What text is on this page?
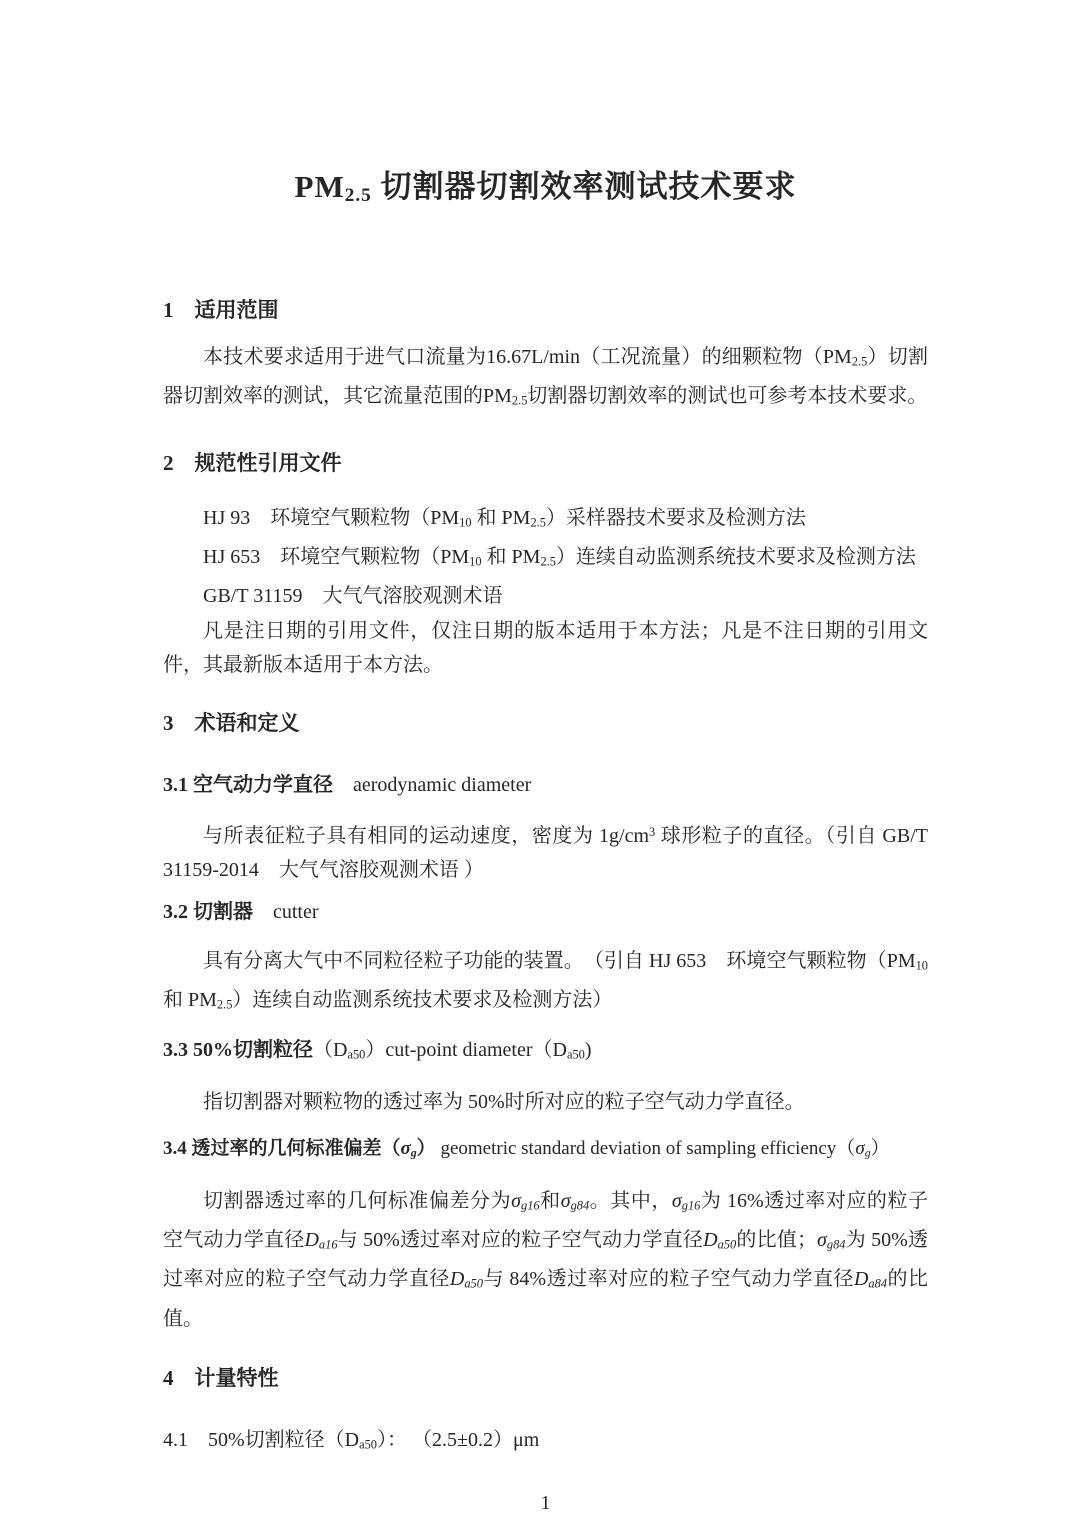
PM2.5 切割器切割效率测试技术要求
1　适用范围
本技术要求适用于进气口流量为16.67L/min（工况流量）的细颗粒物（PM2.5）切割器切割效率的测试，其它流量范围的PM2.5切割器切割效率的测试也可参考本技术要求。
2　规范性引用文件
HJ 93　环境空气颗粒物（PM10 和 PM2.5）采样器技术要求及检测方法
HJ 653　环境空气颗粒物（PM10 和 PM2.5）连续自动监测系统技术要求及检测方法
GB/T 31159　大气气溶胶观测术语
凡是注日期的引用文件，仅注日期的版本适用于本方法；凡是不注日期的引用文件，其最新版本适用于本方法。
3　术语和定义
3.1 空气动力学直径　aerodynamic diameter
与所表征粒子具有相同的运动速度，密度为 $1g/cm^3$ 球形粒子的直径。（引自 GB/T 31159-2014　大气气溶胶观测术语 ）
3.2 切割器　cutter
具有分离大气中不同粒径粒子功能的装置。　（引自 HJ 653　环境空气颗粒物（PM10 和 PM2.5）连续自动监测系统技术要求及检测方法）
3.3 50%切割粒径（Da50）cut-point diameter（Da50)
指切割器对颗粒物的透过率为 50%时所对应的粒子空气动力学直径。
3.4 透过率的几何标准偏差（σg） geometric standard deviation of sampling efficiency（σg）
切割器透过率的几何标准偏差分为σg16和σg84。其中，σg16为 16%透过率对应的粒子空气动力学直径Da16与 50%透过率对应的粒子空气动力学直径Da50的比值；σg84为 50%透过率对应的粒子空气动力学直径Da50与 84%透过率对应的粒子空气动力学直径Da84的比值。
4　计量特性
4.1　50%切割粒径（Da50）： （2.5±0.2）μm
1
